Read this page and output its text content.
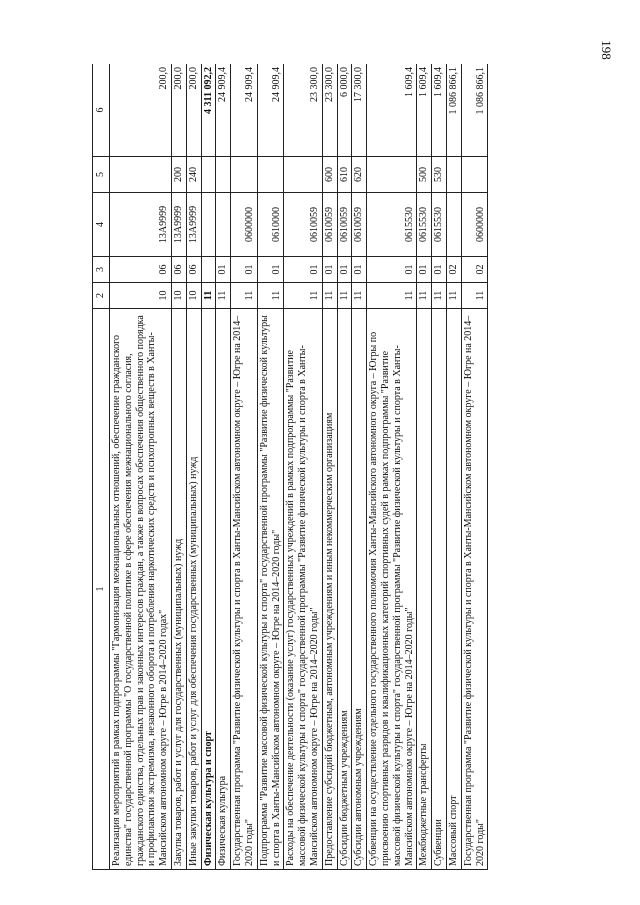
198
1	2	3	4	5	6
Реализация мероприятий в рамках подпрограммы "Гармонизация межнациональных отношений, обеспечение гражданского единства" государственной программы "О государственной политике в сфере обеспечения межнационального согласия, гражданского единства, отдельных прав и законных интересов граждан, а также в вопросах обеспечения общественного порядка и профилактики экстремизма, незаконного оборота и потребления наркотических средств и психотропных веществ в Ханты-Мансийском автономном округе – Югре в 2014–2020 годах"	10	06	13А9999		200,0
Закупка товаров, работ и услуг для государственных (муниципальных) нужд	10	06	13А9999	200	200,0
Иные закупки товаров, работ и услуг для обеспечения государственных (муниципальных) нужд	10	06	13А9999	240	200,0
Физическая культура и спорт	11				4 311 092,2
Физическая культура	11	01			24 909,4
Государственная программа "Развитие физической культуры и спорта в Ханты-Мансийском автономном округе – Югре на 2014–2020 годы"	11	01	0600000		24 909,4
Подпрограмма "Развитие массовой физической культуры и спорта" государственной программы "Развитие физической культуры и спорта в Ханты-Мансийском автономном округе – Югре на 2014–2020 годы"	11	01	0610000		24 909,4
Расходы на обеспечение деятельности (оказание услуг) государственных учреждений в рамках подпрограммы "Развитие массовой физической культуры и спорта" государственной программы "Развитие физической культуры и спорта в Ханты-Мансийском автономном округе – Югре на 2014–2020 годы"	11	01	0610059		23 300,0
Предоставление субсидий бюджетным, автономным учреждениям и иным некоммерческим организациям	11	01	0610059	600	23 300,0
Субсидии бюджетным учреждениям	11	01	0610059	610	6 000,0
Субсидии автономным учреждениям	11	01	0610059	620	17 300,0
Субвенции на осуществление отдельного государственного полномочия Ханты-Мансийского автономного округа – Югры по присвоению спортивных разрядов и квалификационных категорий спортивных судей в рамках подпрограммы "Развитие массовой физической культуры и спорта" государственной программы "Развитие физической культуры и спорта в Ханты-Мансийском автономном округе – Югре на 2014–2020 годы"	11	01	0615530		1 609,4
Межбюджетные трансферты	11	01	0615530	500	1 609,4
Субвенции	11	01	0615530	530	1 609,4
Массовый спорт	11	02			1 086 866,1
Государственная программа "Развитие физической культуры и спорта в Ханты-Мансийском автономном округе – Югре на 2014–2020 годы"	11	02	0600000		1 086 866,1
